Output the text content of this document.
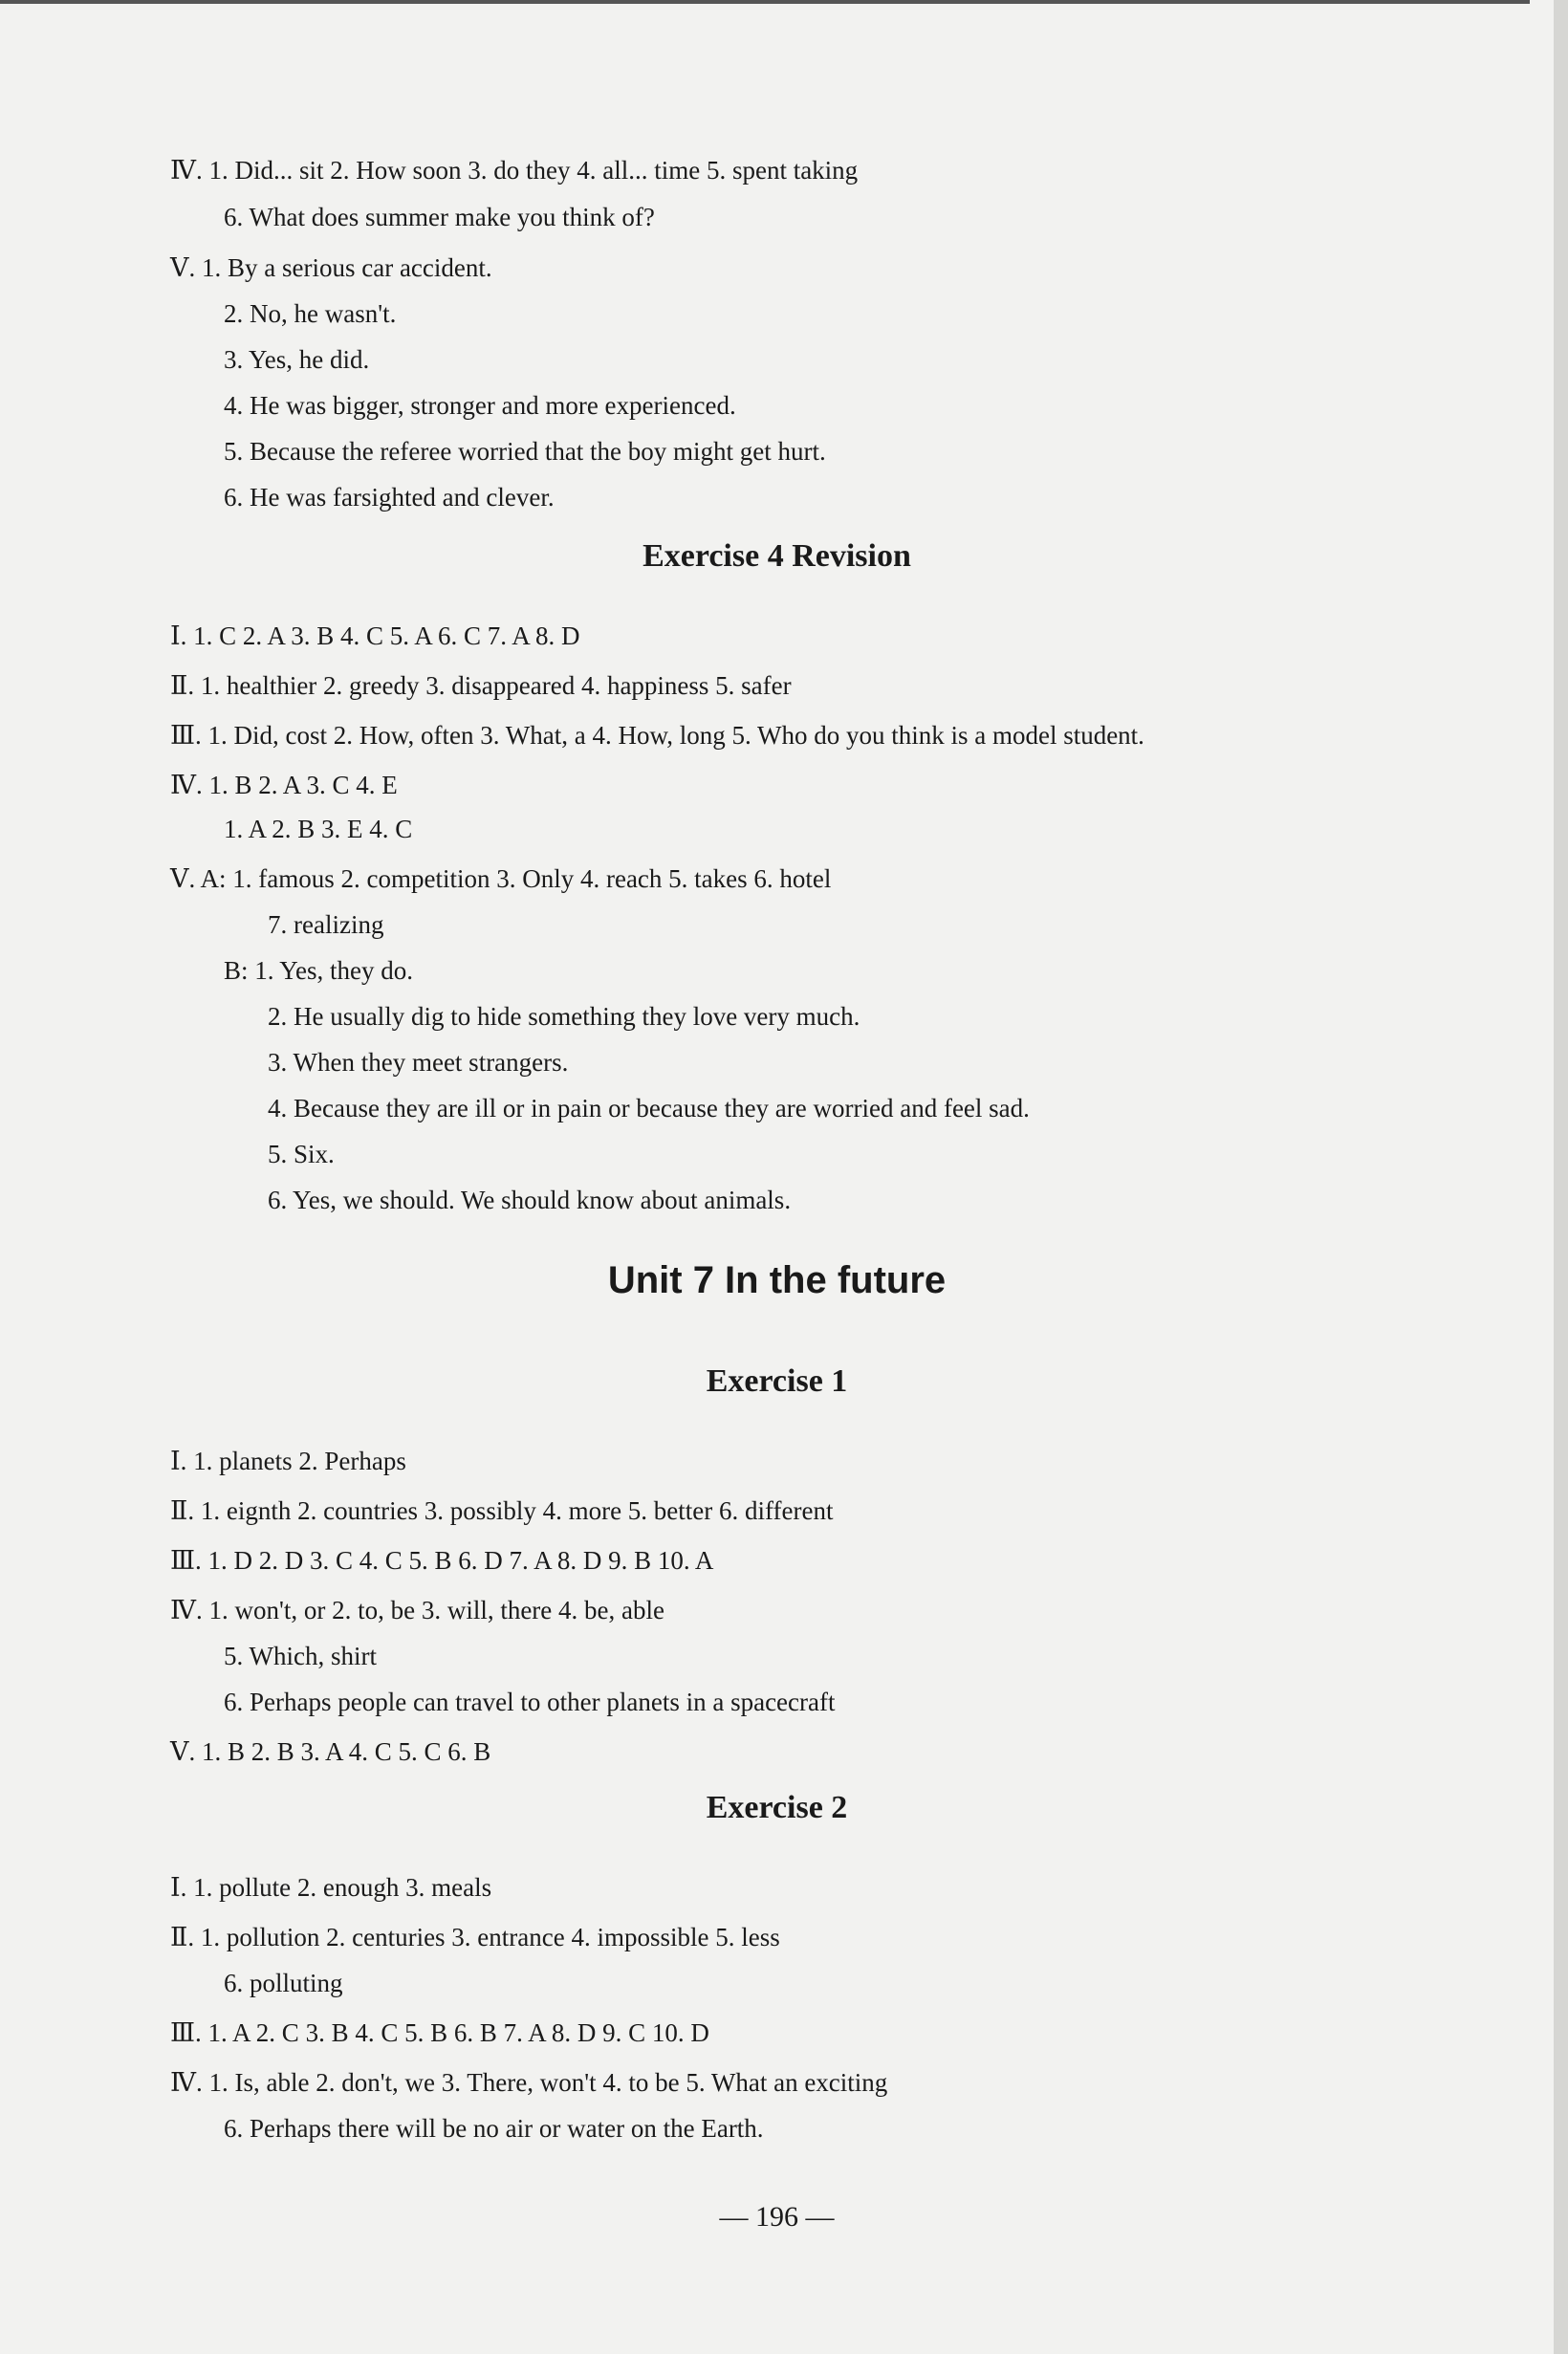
Ⅳ. 1. Did... sit 2. How soon 3. do they 4. all... time 5. spent taking
6. What does summer make you think of?
Ⅴ. 1. By a serious car accident.
2. No, he wasn't.
3. Yes, he did.
4. He was bigger, stronger and more experienced.
5. Because the referee worried that the boy might get hurt.
6. He was farsighted and clever.
Exercise 4 Revision
Ⅰ. 1. C 2. A 3. B 4. C 5. A 6. C 7. A 8. D
Ⅱ. 1. healthier 2. greedy 3. disappeared 4. happiness 5. safer
Ⅲ. 1. Did, cost 2. How, often 3. What, a 4. How, long 5. Who do you think is a model student.
Ⅳ. 1. B 2. A 3. C 4. E
1. A 2. B 3. E 4. C
Ⅴ. A: 1. famous 2. competition 3. Only 4. reach 5. takes 6. hotel
7. realizing
B: 1. Yes, they do.
2. He usually dig to hide something they love very much.
3. When they meet strangers.
4. Because they are ill or in pain or because they are worried and feel sad.
5. Six.
6. Yes, we should. We should know about animals.
Unit 7 In the future
Exercise 1
Ⅰ. 1. planets 2. Perhaps
Ⅱ. 1. eignth 2. countries 3. possibly 4. more 5. better 6. different
Ⅲ. 1. D 2. D 3. C 4. C 5. B 6. D 7. A 8. D 9. B 10. A
Ⅳ. 1. won't, or 2. to, be 3. will, there 4. be, able
5. Which, shirt
6. Perhaps people can travel to other planets in a spacecraft
Ⅴ. 1. B 2. B 3. A 4. C 5. C 6. B
Exercise 2
Ⅰ. 1. pollute 2. enough 3. meals
Ⅱ. 1. pollution 2. centuries 3. entrance 4. impossible 5. less
6. polluting
Ⅲ. 1. A 2. C 3. B 4. C 5. B 6. B 7. A 8. D 9. C 10. D
Ⅳ. 1. Is, able 2. don't, we 3. There, won't 4. to be 5. What an exciting
6. Perhaps there will be no air or water on the Earth.
— 196 —
